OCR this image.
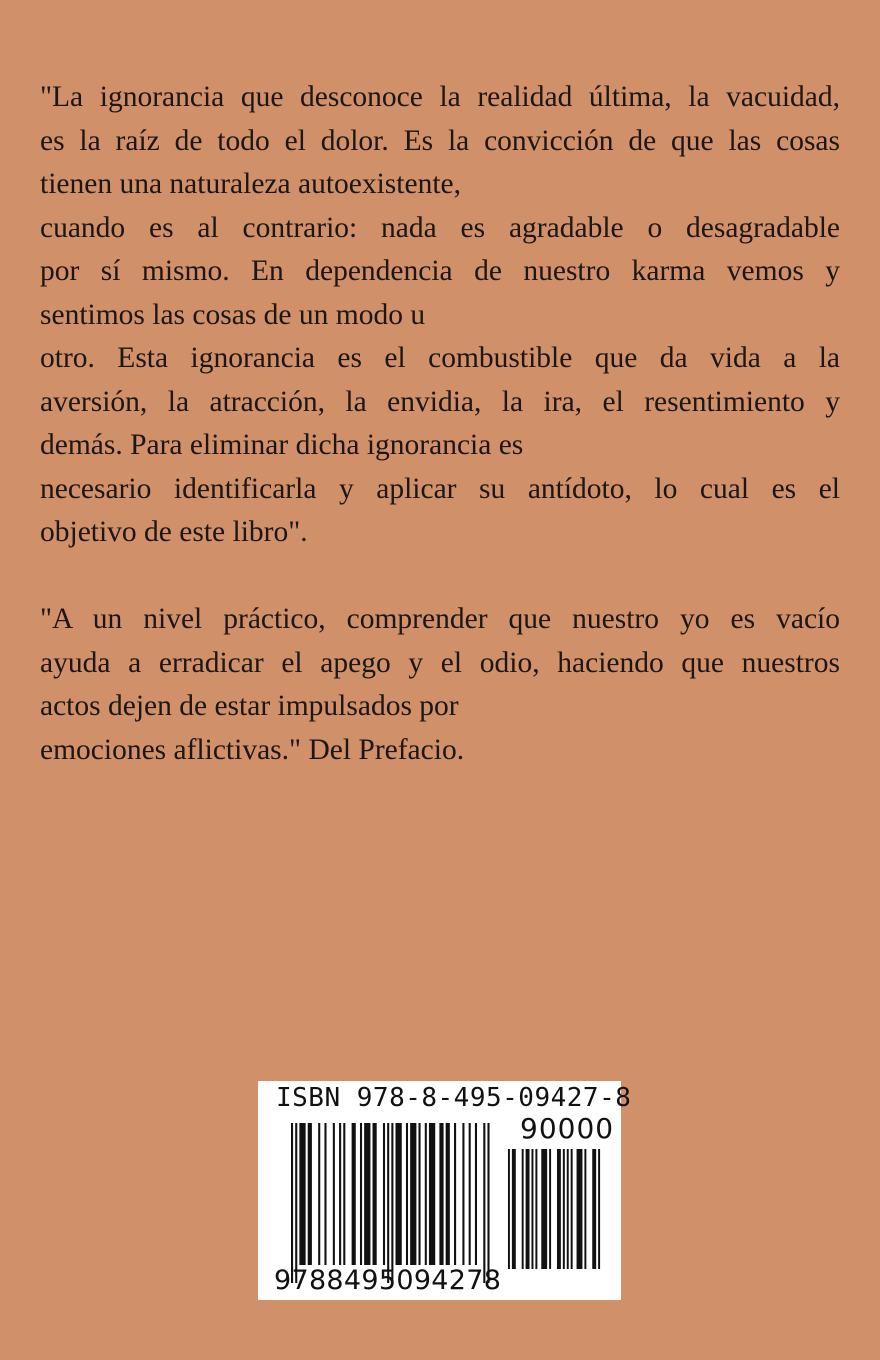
"La ignorancia que desconoce la realidad última, la vacuidad,
es la raíz de todo el dolor. Es la convicción de que las cosas
tienen una naturaleza autoexistente,
cuando es al contrario: nada es agradable o desagradable
por sí mismo. En dependencia de nuestro karma vemos y
sentimos las cosas de un modo u
otro. Esta ignorancia es el combustible que da vida a la
aversión, la atracción, la envidia, la ira, el resentimiento y
demás. Para eliminar dicha ignorancia es
necesario identificarla y aplicar su antídoto, lo cual es el
objetivo de este libro".
"A un nivel práctico, comprender que nuestro yo es vacío
ayuda a erradicar el apego y el odio, haciendo que nuestros
actos dejen de estar impulsados por
emociones aflictivas." Del Prefacio.
ISBN 978-8-495-09427-8
90000
9788495094278
